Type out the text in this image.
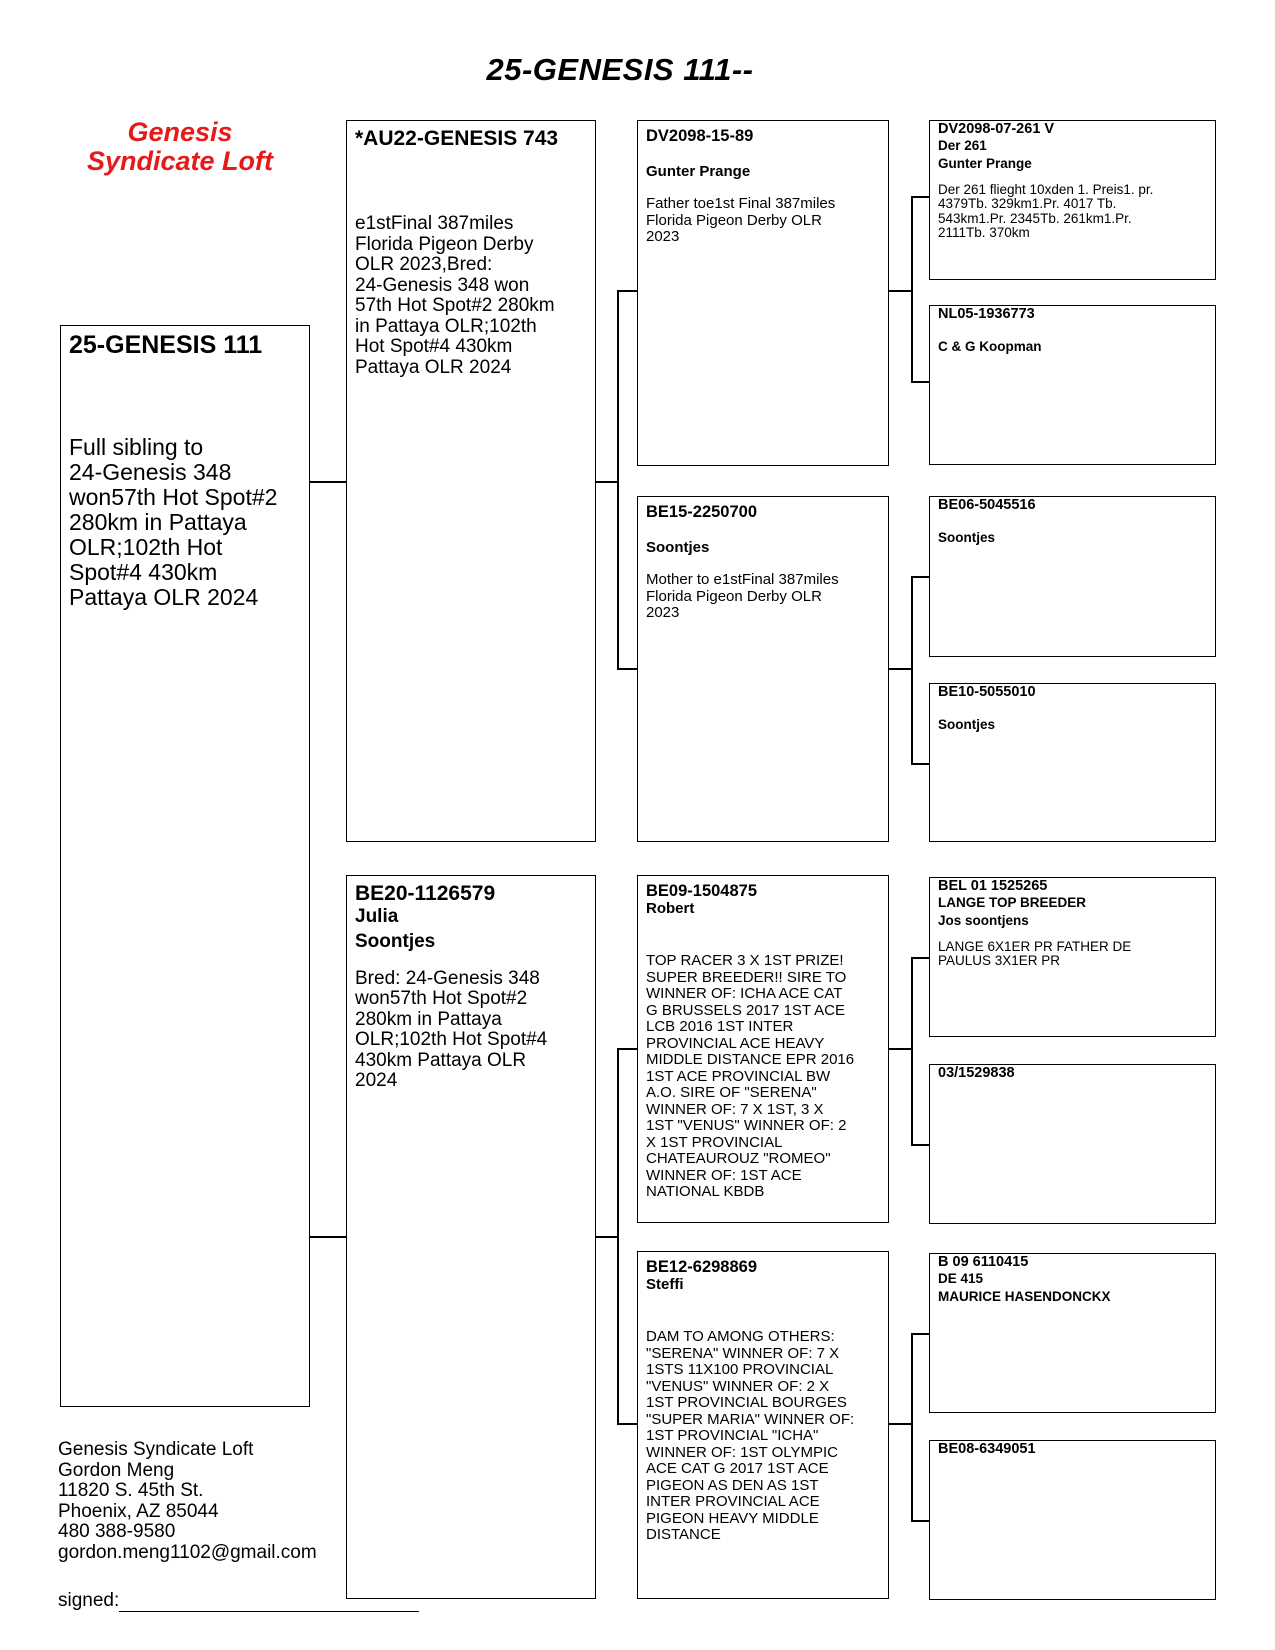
25-GENESIS 111--
Genesis
Syndicate Loft
25-GENESIS 111
Full sibling to
24-Genesis 348
won57th Hot Spot#2
280km in Pattaya
OLR;102th Hot
Spot#4 430km
Pattaya OLR 2024
*AU22-GENESIS 743
e1stFinal 387miles
Florida Pigeon Derby
OLR 2023,Bred:
24-Genesis 348 won
57th Hot Spot#2 280km
in Pattaya OLR;102th
Hot Spot#4 430km
Pattaya OLR 2024
BE20-1126579
Julia
Soontjes
Bred: 24-Genesis 348
won57th Hot Spot#2
280km in Pattaya
OLR;102th Hot Spot#4
430km Pattaya OLR
2024
DV2098-15-89
Gunter Prange
Father toe1st Final 387miles
Florida Pigeon Derby OLR
2023
BE15-2250700
Soontjes
Mother to e1stFinal 387miles
Florida Pigeon Derby OLR
2023
BE09-1504875
Robert
TOP RACER 3 X 1ST PRIZE!
SUPER BREEDER!! SIRE TO
WINNER OF: ICHA ACE CAT
G BRUSSELS 2017 1ST ACE
LCB 2016 1ST INTER
PROVINCIAL ACE HEAVY
MIDDLE DISTANCE EPR 2016
1ST ACE PROVINCIAL BW
A.O. SIRE OF "SERENA"
WINNER OF: 7 X 1ST, 3 X
1ST "VENUS" WINNER OF: 2
X 1ST PROVINCIAL
CHATEAUROUZ "ROMEO"
WINNER OF: 1ST ACE
NATIONAL KBDB
BE12-6298869
Steffi
DAM TO AMONG OTHERS:
"SERENA" WINNER OF: 7 X
1STS 11X100 PROVINCIAL
"VENUS" WINNER OF: 2 X
1ST PROVINCIAL BOURGES
"SUPER MARIA" WINNER OF:
1ST PROVINCIAL "ICHA"
WINNER OF: 1ST OLYMPIC
ACE CAT G 2017 1ST ACE
PIGEON AS DEN AS 1ST
INTER PROVINCIAL ACE
PIGEON HEAVY MIDDLE
DISTANCE
DV2098-07-261 V
Der 261
Gunter Prange
Der 261 flieght 10xden 1. Preis1. pr.
4379Tb. 329km1.Pr. 4017 Tb.
543km1.Pr. 2345Tb. 261km1.Pr.
2111Tb. 370km
NL05-1936773
C & G Koopman
BE06-5045516
Soontjes
BE10-5055010
Soontjes
BEL 01 1525265
LANGE TOP BREEDER
Jos soontjens
LANGE 6X1ER PR FATHER DE
PAULUS 3X1ER PR
03/1529838
B 09 6110415
DE 415
MAURICE HASENDONCKX
BE08-6349051
Genesis Syndicate Loft
Gordon Meng
11820 S. 45th St.
Phoenix, AZ 85044
480 388-9580
gordon.meng1102@gmail.com
signed:
